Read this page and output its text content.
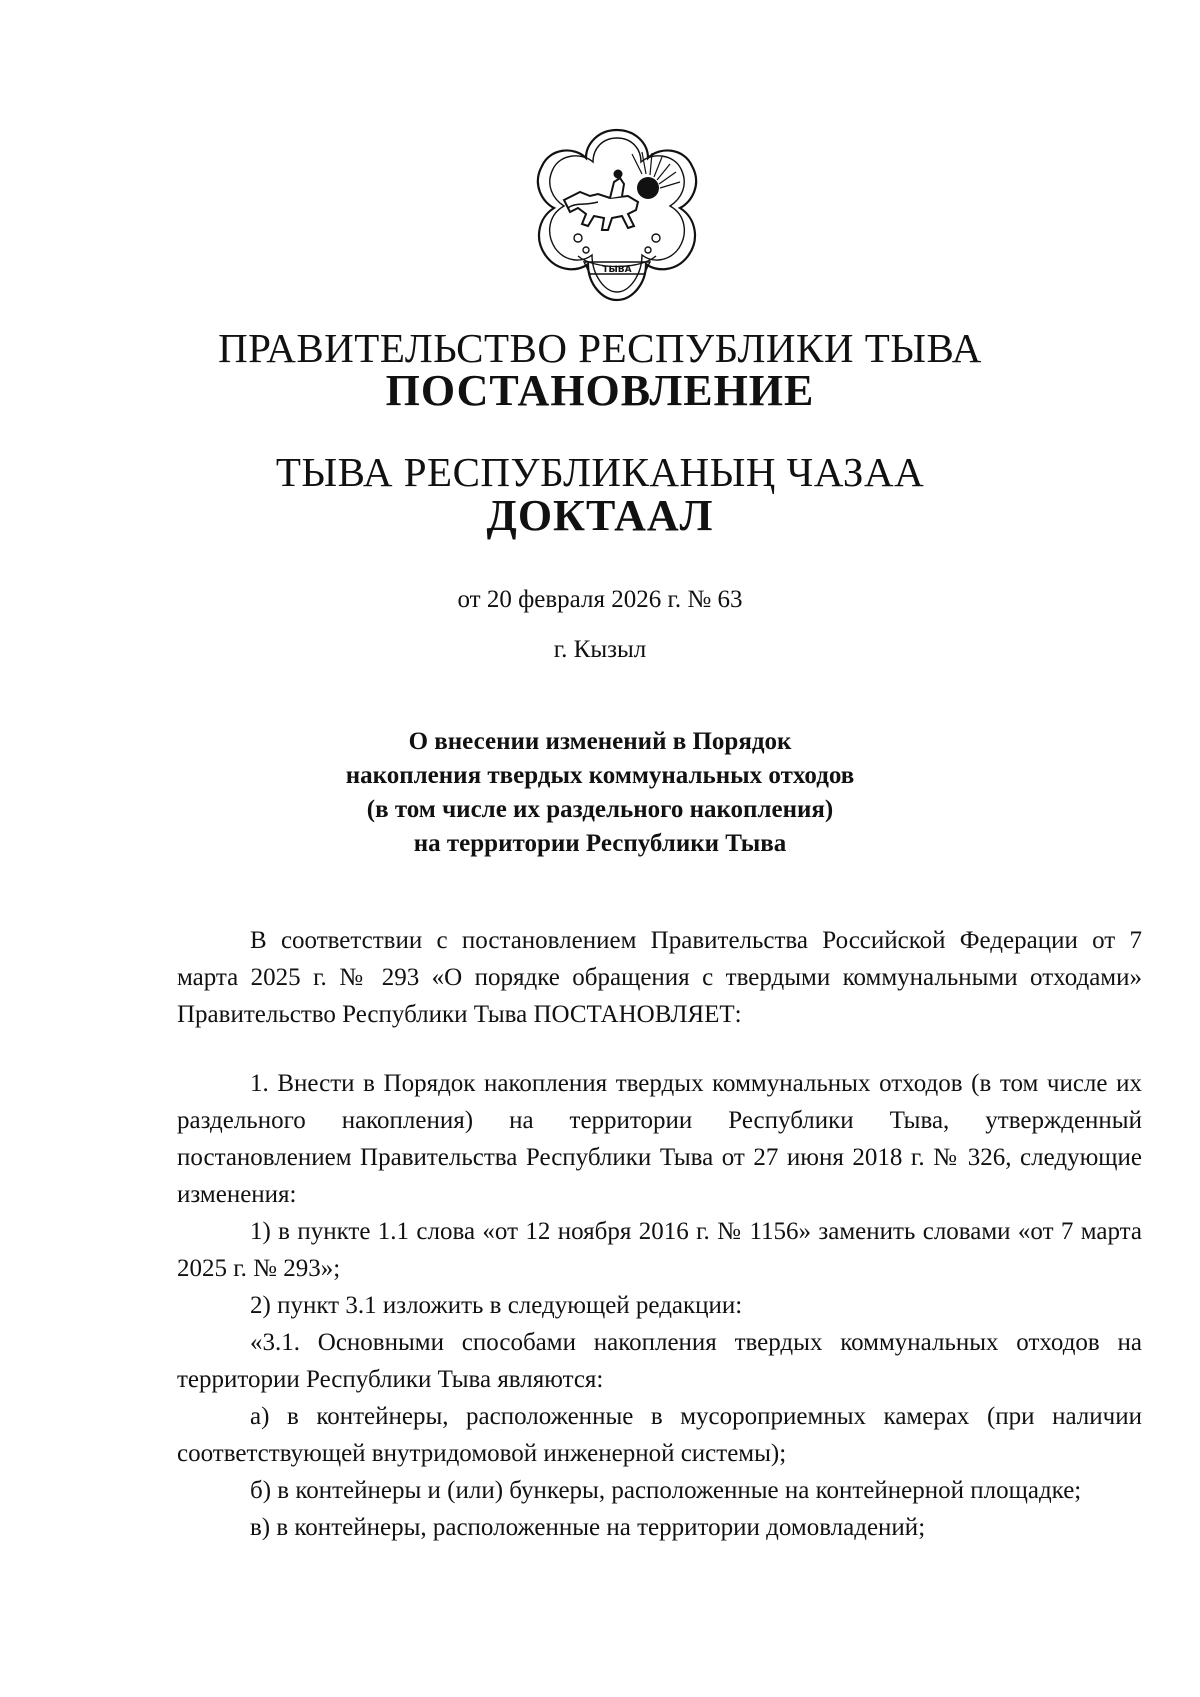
ТЫВА
ПРАВИТЕЛЬСТВО РЕСПУБЛИКИ ТЫВА
ПОСТАНОВЛЕНИЕ
ТЫВА РЕСПУБЛИКАНЫҢ ЧАЗАА
ДОКТААЛ
от 20 февраля 2026 г. № 63
г. Кызыл
О внесении изменений в Порядок
накопления твердых коммунальных отходов
(в том числе их раздельного накопления)
на территории Республики Тыва

В соответствии с постановлением Правительства Российской Федерации от 7 марта 2025 г. № 293 «О порядке обращения с твердыми коммунальными отходами» Правительство Республики Тыва ПОСТАНОВЛЯЕТ:

1. Внести в Порядок накопления твердых коммунальных отходов (в том числе их раздельного накопления) на территории Республики Тыва, утвержденный постановлением Правительства Республики Тыва от 27 июня 2018 г. № 326, следующие изменения:

1) в пункте 1.1 слова «от 12 ноября 2016 г. № 1156» заменить словами «от 7 марта 2025 г. № 293»;

2) пункт 3.1 изложить в следующей редакции:

«3.1. Основными способами накопления твердых коммунальных отходов на территории Республики Тыва являются:

а) в контейнеры, расположенные в мусороприемных камерах (при наличии соответствующей внутридомовой инженерной системы);

б) в контейнеры и (или) бункеры, расположенные на контейнерной площадке;

в) в контейнеры, расположенные на территории домовладений;
